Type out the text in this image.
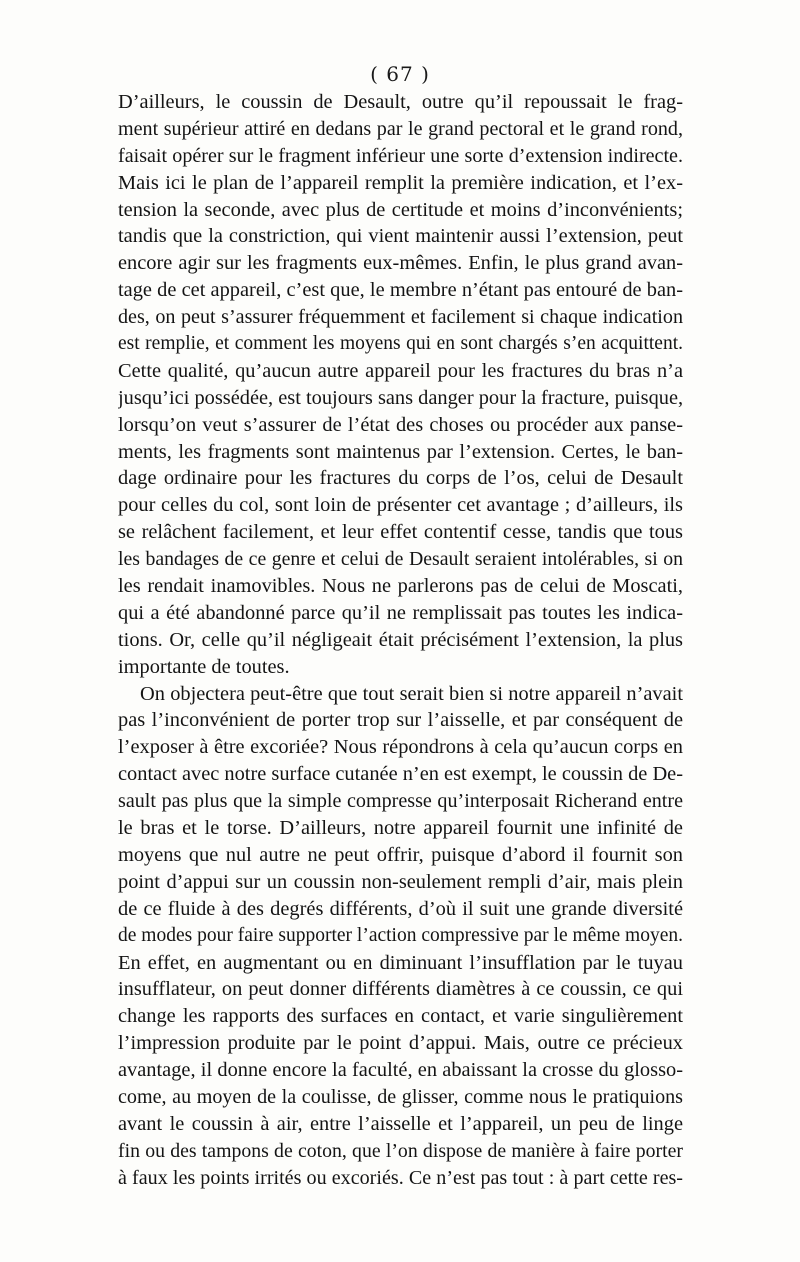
( 67 )
D’ailleurs, le coussin de Desault, outre qu’il repoussait le frag-
ment supérieur attiré en dedans par le grand pectoral et le grand rond,
faisait opérer sur le fragment inférieur une sorte d’extension indirecte.
Mais ici le plan de l’appareil remplit la première indication, et l’ex-
tension la seconde, avec plus de certitude et moins d’inconvénients;
tandis que la constriction, qui vient maintenir aussi l’extension, peut
encore agir sur les fragments eux-mêmes. Enfin, le plus grand avan-
tage de cet appareil, c’est que, le membre n’étant pas entouré de ban-
des, on peut s’assurer fréquemment et facilement si chaque indication
est remplie, et comment les moyens qui en sont chargés s’en acquittent.
Cette qualité, qu’aucun autre appareil pour les fractures du bras n’a
jusqu’ici possédée, est toujours sans danger pour la fracture, puisque,
lorsqu’on veut s’assurer de l’état des choses ou procéder aux panse-
ments, les fragments sont maintenus par l’extension. Certes, le ban-
dage ordinaire pour les fractures du corps de l’os, celui de Desault
pour celles du col, sont loin de présenter cet avantage ; d’ailleurs, ils
se relâchent facilement, et leur effet contentif cesse, tandis que tous
les bandages de ce genre et celui de Desault seraient intolérables, si on
les rendait inamovibles. Nous ne parlerons pas de celui de Moscati,
qui a été abandonné parce qu’il ne remplissait pas toutes les indica-
tions. Or, celle qu’il négligeait était précisément l’extension, la plus
importante de toutes.
On objectera peut-être que tout serait bien si notre appareil n’avait
pas l’inconvénient de porter trop sur l’aisselle, et par conséquent de
l’exposer à être excoriée? Nous répondrons à cela qu’aucun corps en
contact avec notre surface cutanée n’en est exempt, le coussin de De-
sault pas plus que la simple compresse qu’interposait Richerand entre
le bras et le torse. D’ailleurs, notre appareil fournit une infinité de
moyens que nul autre ne peut offrir, puisque d’abord il fournit son
point d’appui sur un coussin non-seulement rempli d’air, mais plein
de ce fluide à des degrés différents, d’où il suit une grande diversité
de modes pour faire supporter l’action compressive par le même moyen.
En effet, en augmentant ou en diminuant l’insufflation par le tuyau
insufflateur, on peut donner différents diamètres à ce coussin, ce qui
change les rapports des surfaces en contact, et varie singulièrement
l’impression produite par le point d’appui. Mais, outre ce précieux
avantage, il donne encore la faculté, en abaissant la crosse du glosso-
come, au moyen de la coulisse, de glisser, comme nous le pratiquions
avant le coussin à air, entre l’aisselle et l’appareil, un peu de linge
fin ou des tampons de coton, que l’on dispose de manière à faire porter
à faux les points irrités ou excoriés. Ce n’est pas tout : à part cette res-
